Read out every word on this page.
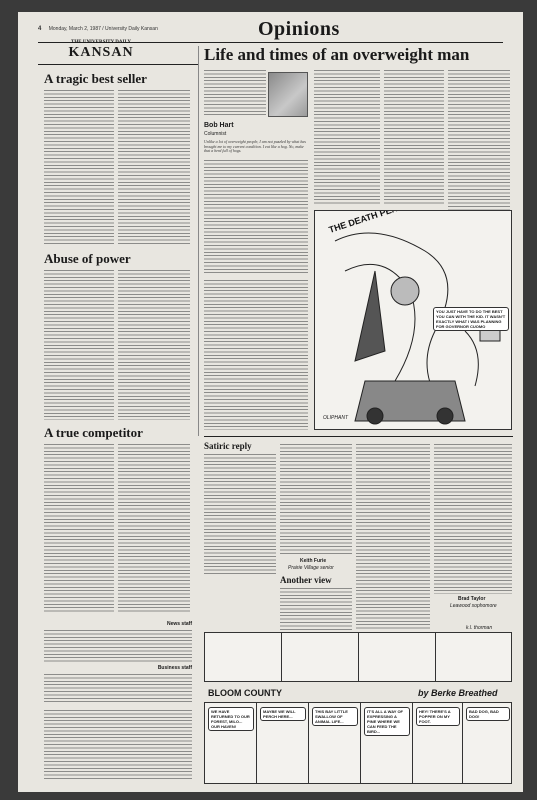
4 Monday, March 2, 1987 / University Daily Kansan	Opinions
THE UNIVERSITY DAILY
KANSAN
A tragic best seller
Abuse of power
A true competitor
News staff
Business staff
Life and times of an overweight man
Bob Hart
Columnist
Unlike a lot of overweight people, I am not puzzled by what has brought me to my current condition. I eat like a hog. No, make that a herd full of hogs.
YOU JUST HAVE TO DO THE BEST YOU CAN WITH THE KID. IT WASN'T EXACTLY WHAT I WAS PLANNING FOR GOVERNOR CUOMO
OLIPHANT
Satiric reply
Keith Furie
Prairie Village senior
Another view
Brad Taylor
Leawood sophomore
k.l. thorman
BLOOM COUNTY	by Berke Breathed
WE HAVE RETURNED TO OUR FOREST, MILO... OUR HAVEN!
MAYBE WE WILL PERCH HERE...
THIS BAY LITTLE SWALLOW OF ANIMAL LIFE...
IT'S ALL A WAY OF EXPRESSING A PINE WHERE WE CAN FEED THE BIRD...
HEY! THERE'S A POPPER ON MY FOOT.
BAD DOG, BAD DOG!
